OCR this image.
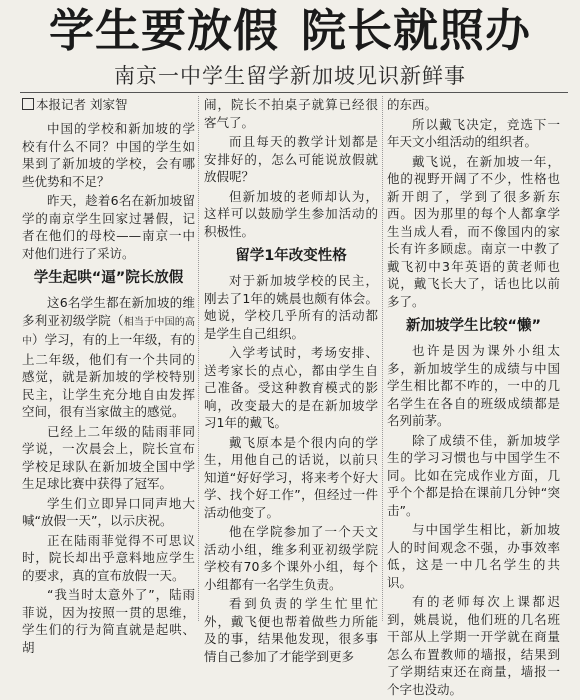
学生要放假 院长就照办
南京一中学生留学新加坡见识新鲜事
本报记者 刘家智

中国的学校和新加坡的学校有什么不同？中国的学生如果到了新加坡的学校，会有哪些优势和不足？

昨天，趁着6名在新加坡留学的南京学生回家过暑假，记者在他们的母校——南京一中对他们进行了采访。

学生起哄“逼”院长放假

这6名学生都在新加坡的维多利亚初级学院（相当于中国的高中）学习，有的上一年级，有的上二年级，他们有一个共同的感觉，就是新加坡的学校特别民主，让学生充分地自由发挥空间，很有当家做主的感觉。

已经上二年级的陆雨菲同学说，一次晨会上，院长宣布学校足球队在新加坡全国中学生足球比赛中获得了冠军。

学生们立即异口同声地大喊“放假一天”，以示庆祝。

正在陆雨菲觉得不可思议时，院长却出乎意料地应学生的要求，真的宣布放假一天。

“我当时太意外了”，陆雨菲说，因为按照一贯的思维，学生们的行为简直就是起哄、胡

闹，院长不拍桌子就算已经很客气了。

而且每天的教学计划都是安排好的，怎么可能说放假就放假呢？

但新加坡的老师却认为，这样可以鼓励学生参加活动的积极性。

留学1年改变性格

对于新加坡学校的民主，刚去了1年的姚晨也颇有体会。她说，学校几乎所有的活动都是学生自己组织。

入学考试时，考场安排、送考家长的点心，都由学生自己准备。受这种教育模式的影响，改变最大的是在新加坡学习1年的戴飞。

戴飞原本是个很内向的学生，用他自己的话说，以前只知道“好好学习，将来考个好大学、找个好工作”，但经过一件活动他变了。

他在学院参加了一个天文活动小组，维多利亚初级学院学校有70多个课外小组，每个小组都有一名学生负责。

看到负责的学生忙里忙外，戴飞便也帮着做些力所能及的事，结果他发现，很多事情自己参加了才能学到更多

的东西。

所以戴飞决定，竞选下一年天文小组活动的组织者。

戴飞说，在新加坡一年，他的视野开阔了不少，性格也新开朗了，学到了很多新东西。因为那里的每个人都拿学生当成人看，而不像国内的家长有许多顾虑。南京一中教了戴飞初中3年英语的黄老师也说，戴飞长大了，话也比以前多了。

新加坡学生比较“懒”

也许是因为课外小组太多，新加坡学生的成绩与中国学生相比都不咋的，一中的几名学生在各自的班级成绩都是名列前茅。

除了成绩不佳，新加坡学生的学习习惯也与中国学生不同。比如在完成作业方面，几乎个个都是拾在课前几分钟“突击”。

与中国学生相比，新加坡人的时间观念不强，办事效率低，这是一中几名学生的共识。

有的老师每次上课都迟到，姚晨说，他们班的几名班干部从上学期一开学就在商量怎么布置教师的墙报，结果到了学期结束还在商量，墙报一个字也没动。
